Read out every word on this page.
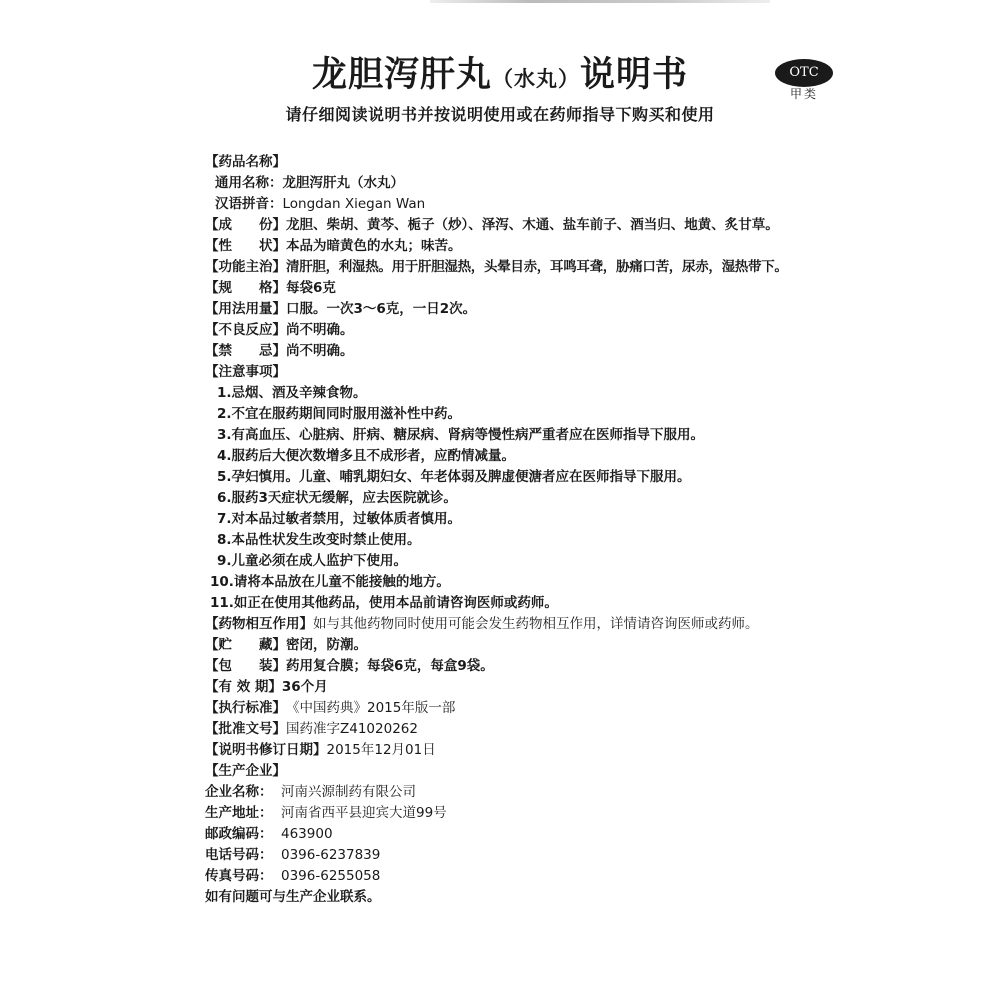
龙胆泻肝丸（水丸）说明书
请仔细阅读说明书并按说明使用或在药师指导下购买和使用
OTC
甲类
【药品名称】
通用名称： 龙胆泻肝丸（水丸）
汉语拼音： Longdan Xiegan Wan
【成　　份】 龙胆、柴胡、黄芩、栀子（炒）、泽泻、木通、盐车前子、酒当归、地黄、炙甘草。
【性　　状】 本品为暗黄色的水丸；味苦。
【功能主治】 清肝胆，利湿热。用于肝胆湿热，头晕目赤，耳鸣耳聋，胁痛口苦，尿赤，湿热带下。
【规　　格】 每袋6克
【用法用量】 口服。一次3～6克，一日2次。
【不良反应】 尚不明确。
【禁　　忌】 尚不明确。
【注意事项】
1.忌烟、酒及辛辣食物。
2.不宜在服药期间同时服用滋补性中药。
3.有高血压、心脏病、肝病、糖尿病、肾病等慢性病严重者应在医师指导下服用。
4.服药后大便次数增多且不成形者，应酌情减量。
5.孕妇慎用。儿童、哺乳期妇女、年老体弱及脾虚便溏者应在医师指导下服用。
6.服药3天症状无缓解，应去医院就诊。
7.对本品过敏者禁用，过敏体质者慎用。
8.本品性状发生改变时禁止使用。
9.儿童必须在成人监护下使用。
10.请将本品放在儿童不能接触的地方。
11.如正在使用其他药品，使用本品前请咨询医师或药师。
【药物相互作用】 如与其他药物同时使用可能会发生药物相互作用，详情请咨询医师或药师。
【贮　　藏】 密闭，防潮。
【包　　装】 药用复合膜；每袋6克，每盒9袋。
【有 效 期】 36个月
【执行标准】 《中国药典》2015年版一部
【批准文号】 国药准字Z41020262
【说明书修订日期】 2015年12月01日
【生产企业】
企业名称： 河南兴源制药有限公司
生产地址： 河南省西平县迎宾大道99号
邮政编码： 463900
电话号码： 0396-6237839
传真号码： 0396-6255058
如有问题可与生产企业联系。
